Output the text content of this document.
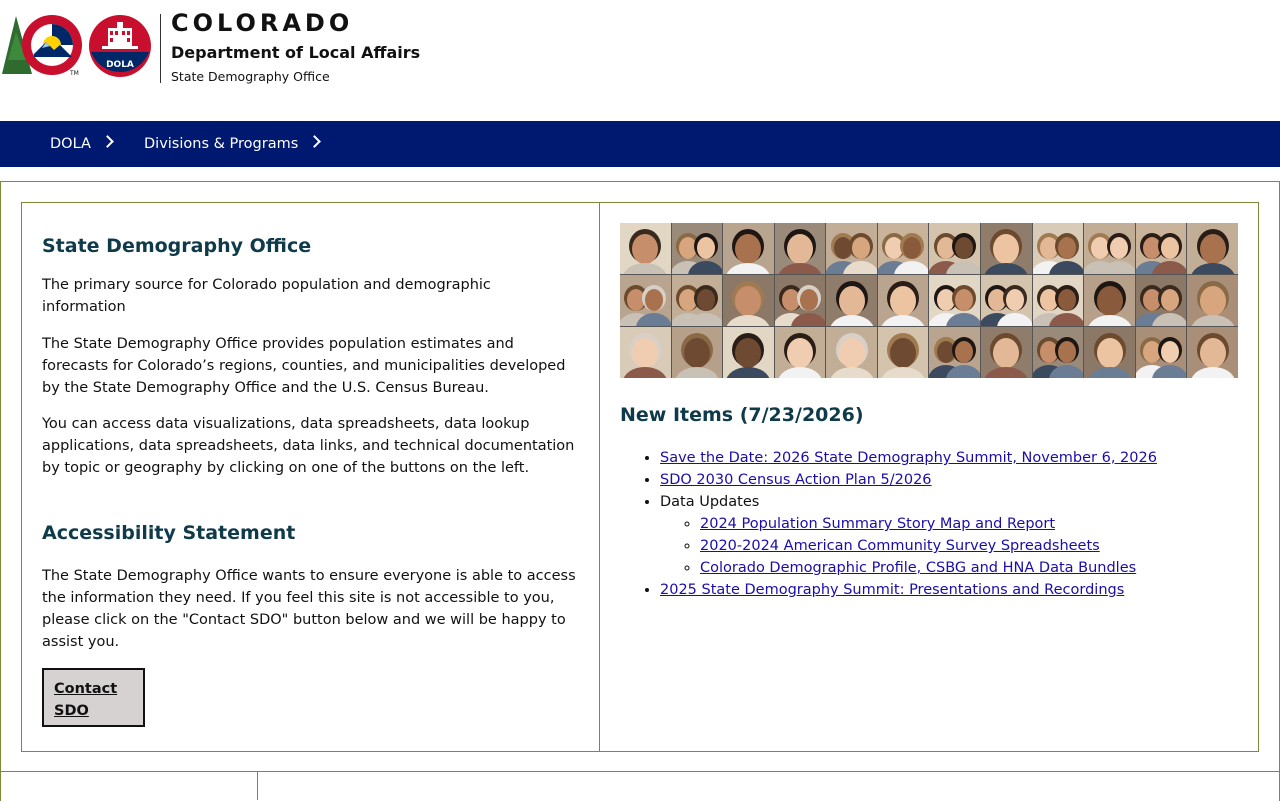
TM
DOLA
COLORADO
Department of Local Affairs
State Demography Office
DOLA	Divisions & Programs
State Demography Office

The primary source for Colorado population and demographic information

The State Demography Office provides population estimates and forecasts for Colorado’s regions, counties, and municipalities developed by the State Demography Office and the U.S. Census Bureau.

You can access data visualizations, data spreadsheets, data lookup applications, data spreadsheets, data links, and technical documentation by topic or geography by clicking on one of the buttons on the left.

Accessibility Statement

The State Demography Office wants to ensure everyone is able to access the information they need. If you feel this site is not accessible to you, please click on the "Contact SDO" button below and we will be happy to assist you.

Contact SDO
New Items (7/23/2026)
• Save the Date: 2026 State Demography Summit, November 6, 2026
• SDO 2030 Census Action Plan 5/2026
• Data Updates
◦ 2024 Population Summary Story Map and Report
◦ 2020-2024 American Community Survey Spreadsheets
◦ Colorado Demographic Profile, CSBG and HNA Data Bundles
• 2025 State Demography Summit: Presentations and Recordings
